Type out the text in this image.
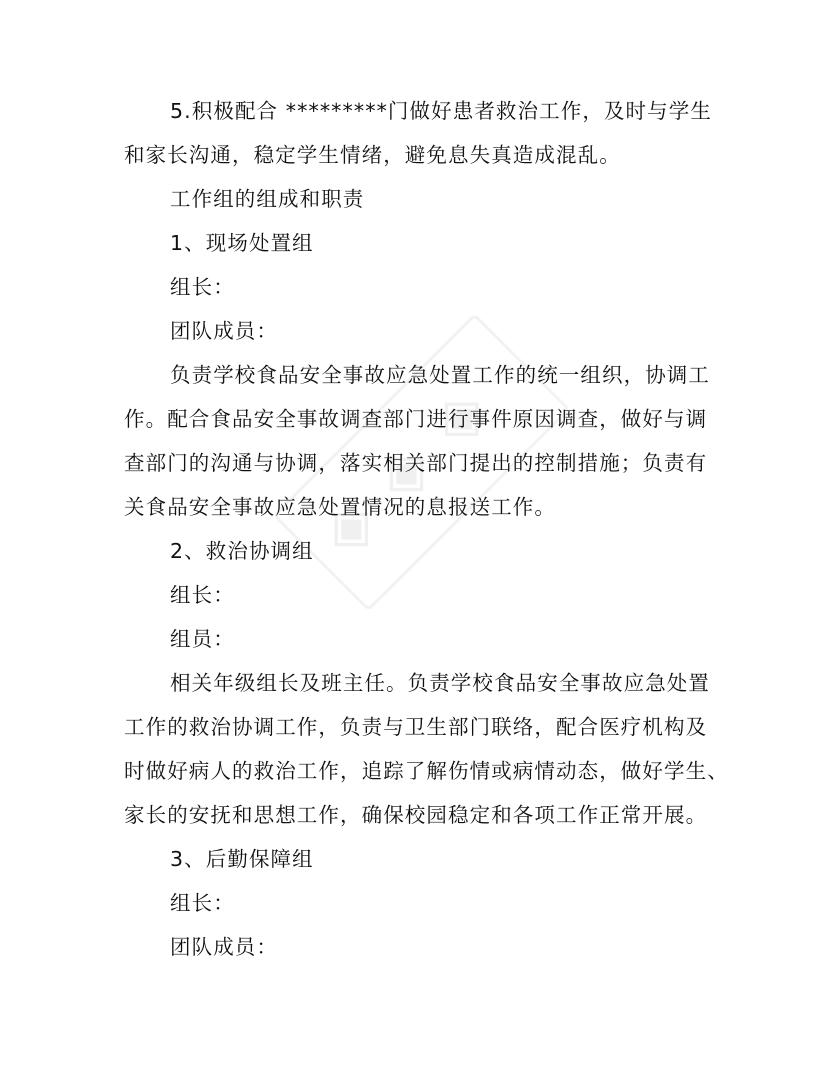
◈
◈
◈
5.积极配合 *********门做好患者救治工作，及时与学生
和家长沟通，稳定学生情绪，避免息失真造成混乱。
工作组的组成和职责
1、现场处置组
组长：
团队成员：
负责学校食品安全事故应急处置工作的统一组织，协调工
作。配合食品安全事故调查部门进行事件原因调查，做好与调
查部门的沟通与协调，落实相关部门提出的控制措施；负责有
关食品安全事故应急处置情况的息报送工作。
2、救治协调组
组长：
组员：
相关年级组长及班主任。负责学校食品安全事故应急处置
工作的救治协调工作，负责与卫生部门联络，配合医疗机构及
时做好病人的救治工作，追踪了解伤情或病情动态，做好学生、
家长的安抚和思想工作，确保校园稳定和各项工作正常开展。
3、后勤保障组
组长：
团队成员：
